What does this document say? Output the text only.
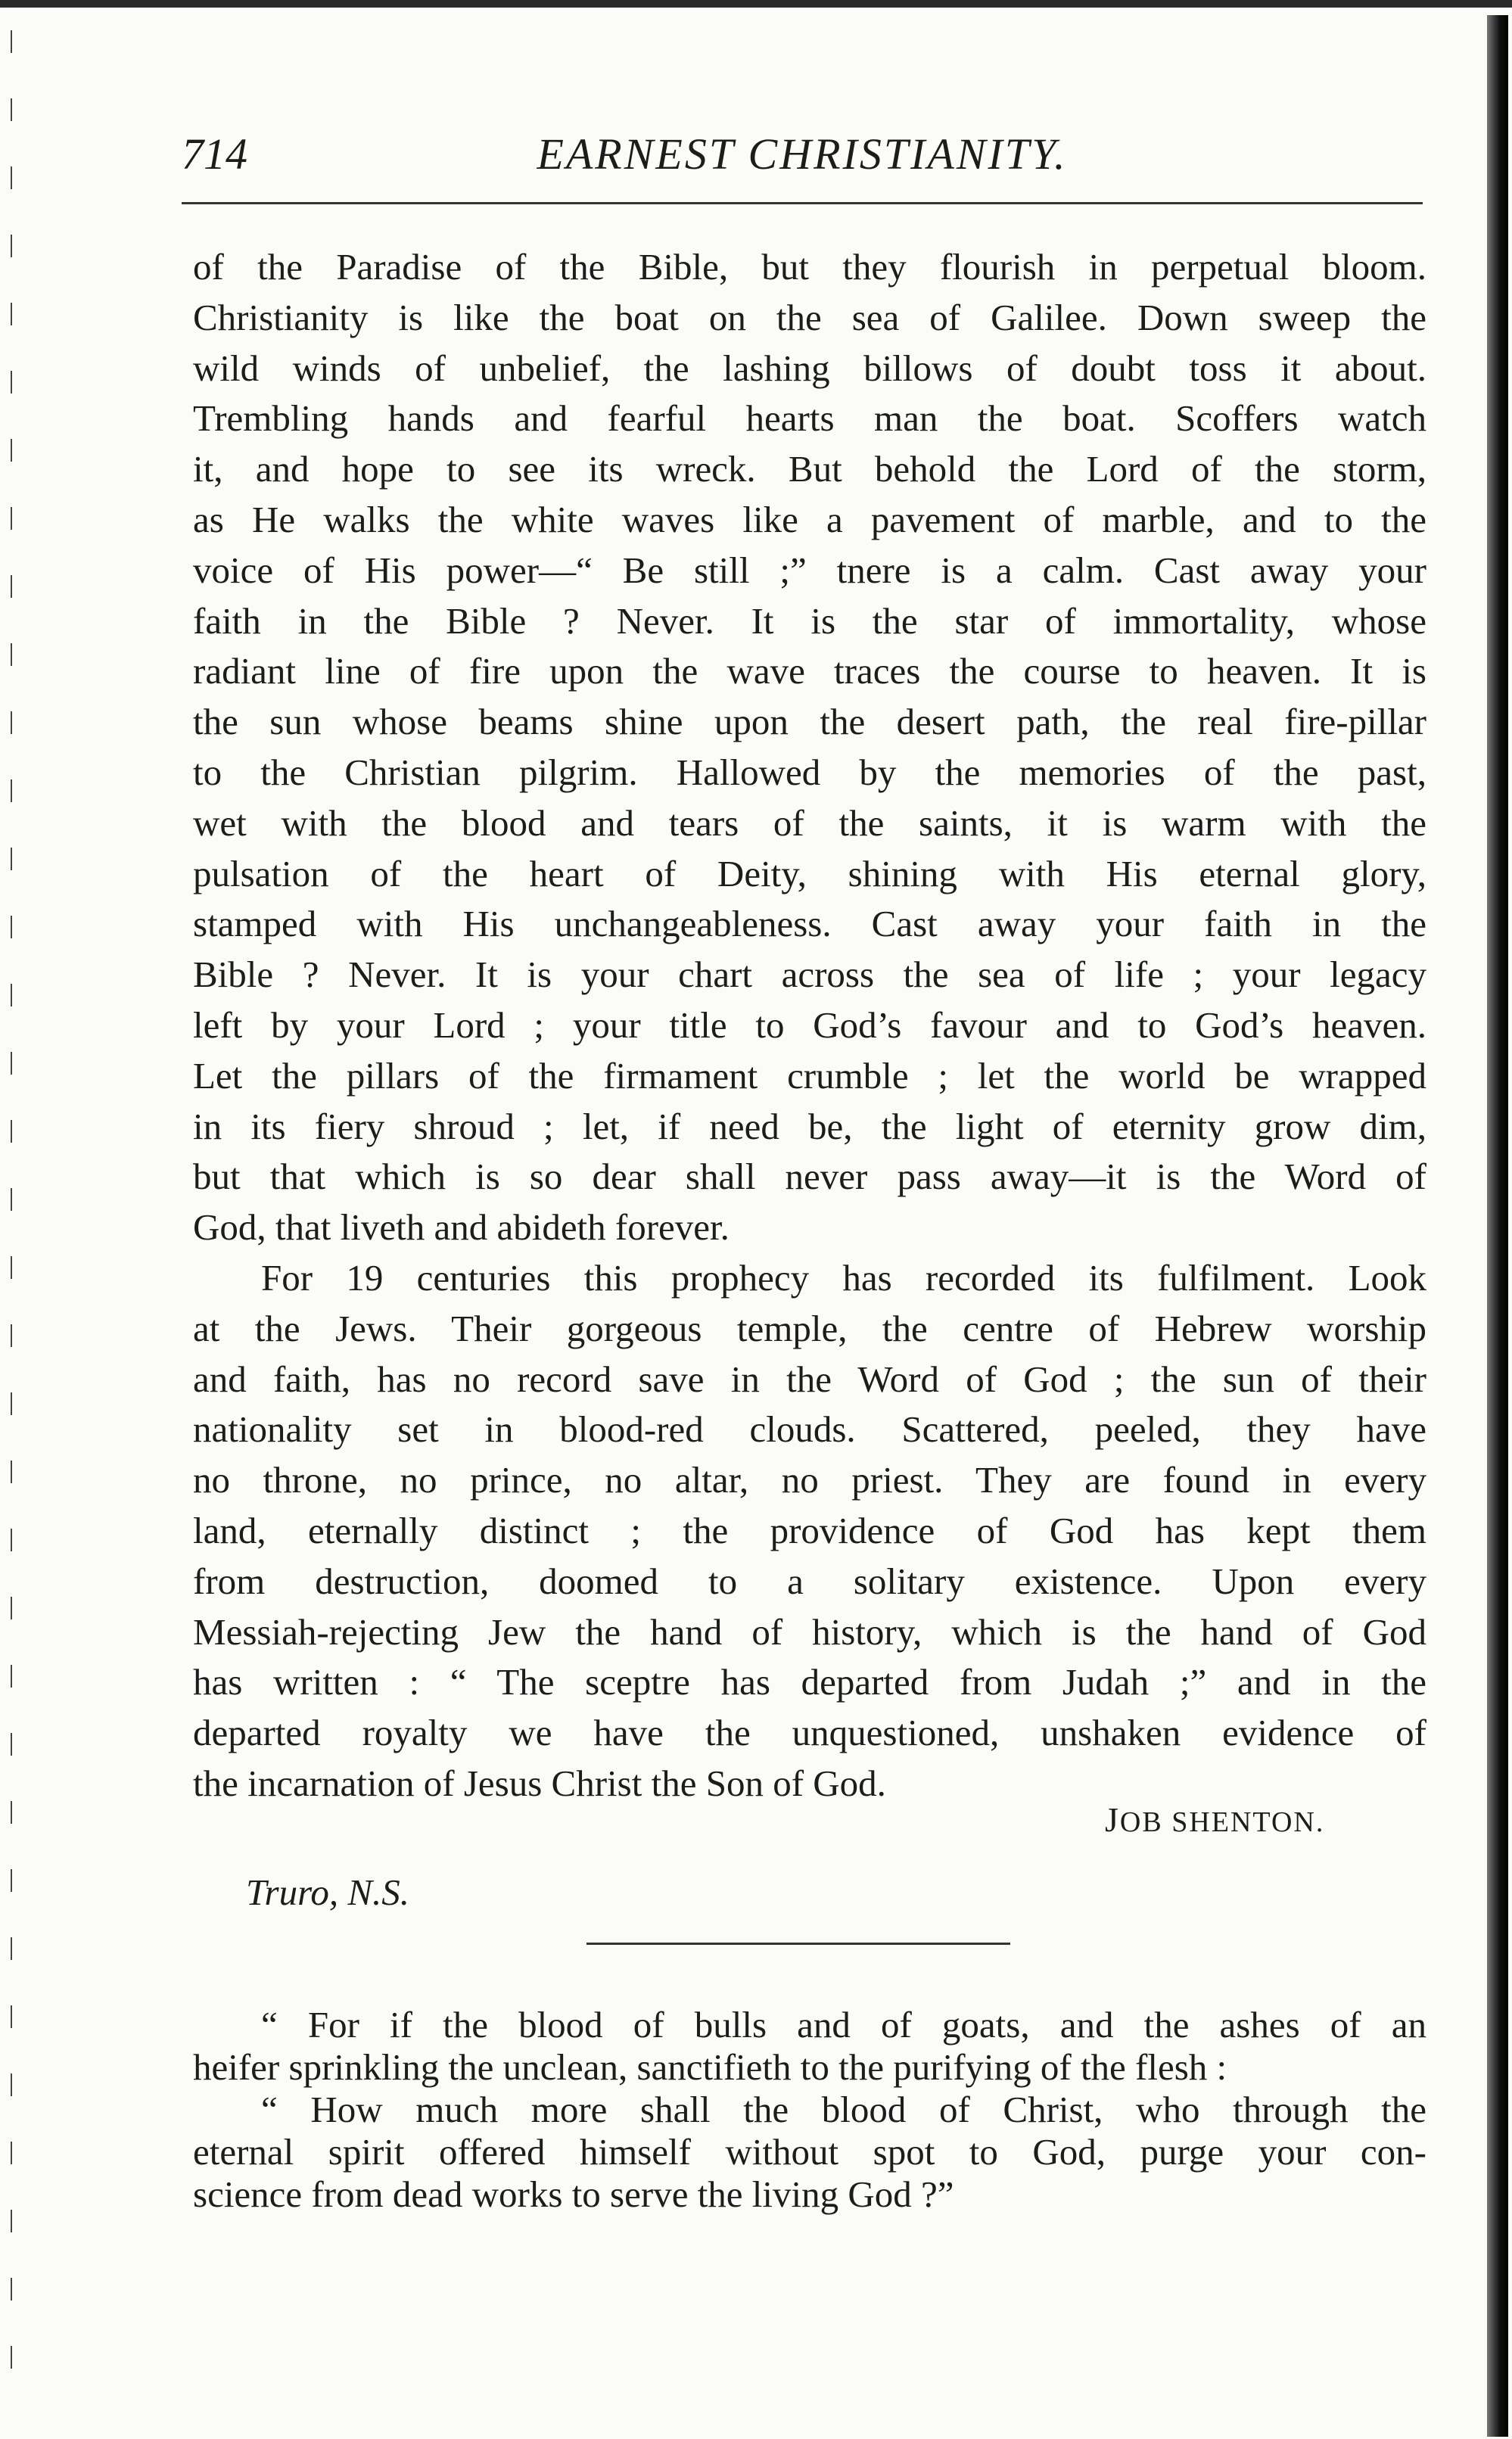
714	EARNEST CHRISTIANITY.

of the Paradise of the Bible, but they flourish in perpetual bloom.

Christianity is like the boat on the sea of Galilee. Down sweep the

wild winds of unbelief, the lashing billows of doubt toss it about.

Trembling hands and fearful hearts man the boat. Scoffers watch

it, and hope to see its wreck. But behold the Lord of the storm,

as He walks the white waves like a pavement of marble, and to the

voice of His power—“ Be still ;” tnere is a calm. Cast away your

faith in the Bible ? Never. It is the star of immortality, whose

radiant line of fire upon the wave traces the course to heaven. It is

the sun whose beams shine upon the desert path, the real fire-pillar

to the Christian pilgrim. Hallowed by the memories of the past,

wet with the blood and tears of the saints, it is warm with the

pulsation of the heart of Deity, shining with His eternal glory,

stamped with His unchangeableness. Cast away your faith in the

Bible ? Never. It is your chart across the sea of life ; your legacy

left by your Lord ; your title to God’s favour and to God’s heaven.

Let the pillars of the firmament crumble ; let the world be wrapped

in its fiery shroud ; let, if need be, the light of eternity grow dim,

but that which is so dear shall never pass away—it is the Word of

God, that liveth and abideth forever.

For 19 centuries this prophecy has recorded its fulfilment. Look

at the Jews. Their gorgeous temple, the centre of Hebrew worship

and faith, has no record save in the Word of God ; the sun of their

nationality set in blood-red clouds. Scattered, peeled, they have

no throne, no prince, no altar, no priest. They are found in every

land, eternally distinct ; the providence of God has kept them

from destruction, doomed to a solitary existence. Upon every

Messiah-rejecting Jew the hand of history, which is the hand of God

has written : “ The sceptre has departed from Judah ;” and in the

departed royalty we have the unquestioned, unshaken evidence of

the incarnation of Jesus Christ the Son of God.

JOB SHENTON.
Truro, N.S.

“ For if the blood of bulls and of goats, and the ashes of an

heifer sprinkling the unclean, sanctifieth to the purifying of the flesh :

“ How much more shall the blood of Christ, who through the

eternal spirit offered himself without spot to God, purge your con-

science from dead works to serve the living God ?”
